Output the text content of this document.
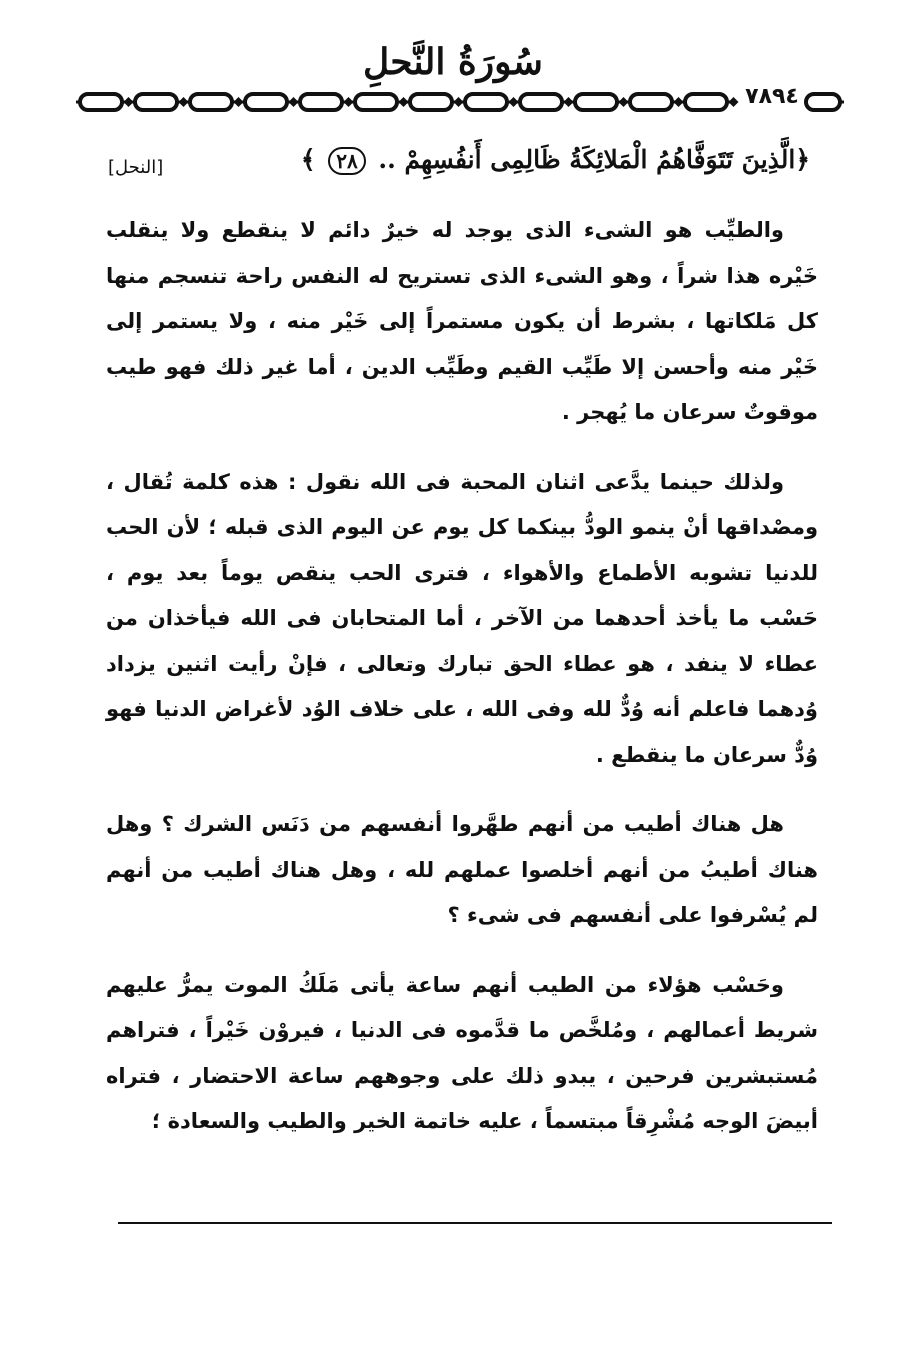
سُورَةُ النَّحلِ
٧٨٩٤
﴿الَّذِينَ تَتَوَفَّاهُمُ الْمَلائِكَةُ ظَالِمِى أَنفُسِهِمْ .. ٢٨ ﴾
[النحل]

والطيِّب هو الشىء الذى يوجد له خيرٌ دائم لا ينقطع ولا ينقلب خَيْره هذا شراً ، وهو الشىء الذى تستريح له النفس راحة تنسجم منها كل مَلكاتها ، بشرط أن يكون مستمراً إلى خَيْر منه ، ولا يستمر إلى خَيْر منه وأحسن إلا طَيِّب القيم وطَيِّب الدين ، أما غير ذلك فهو طيب موقوتٌ سرعان ما يُهجر .

ولذلك حينما يدَّعى اثنان المحبة فى الله نقول : هذه كلمة تُقال ، ومصْداقها أنْ ينمو الودُّ بينكما كل يوم عن اليوم الذى قبله ؛ لأن الحب للدنيا تشوبه الأطماع والأهواء ، فترى الحب ينقص يوماً بعد يوم ، حَسْب ما يأخذ أحدهما من الآخر ، أما المتحابان فى الله فيأخذان من عطاء لا ينفد ، هو عطاء الحق تبارك وتعالى ، فإنْ رأيت اثنين يزداد وُدهما فاعلم أنه وُدٌّ لله وفى الله ، على خلاف الوُد لأغراض الدنيا فهو وُدٌّ سرعان ما ينقطع .

هل هناك أطيب من أنهم طهَّروا أنفسهم من دَنَس الشرك ؟ وهل هناك أطيبُ من أنهم أخلصوا عملهم لله ، وهل هناك أطيب من أنهم لم يُسْرفوا على أنفسهم فى شىء ؟

وحَسْب هؤلاء من الطيب أنهم ساعة يأتى مَلَكُ الموت يمرُّ عليهم شريط أعمالهم ، ومُلخَّص ما قدَّموه فى الدنيا ، فيروْن خَيْراً ، فتراهم مُستبشرين فرحين ، يبدو ذلك على وجوههم ساعة الاحتضار ، فتراه أبيضَ الوجه مُشْرِقاً مبتسماً ، عليه خاتمة الخير والطيب والسعادة ؛
